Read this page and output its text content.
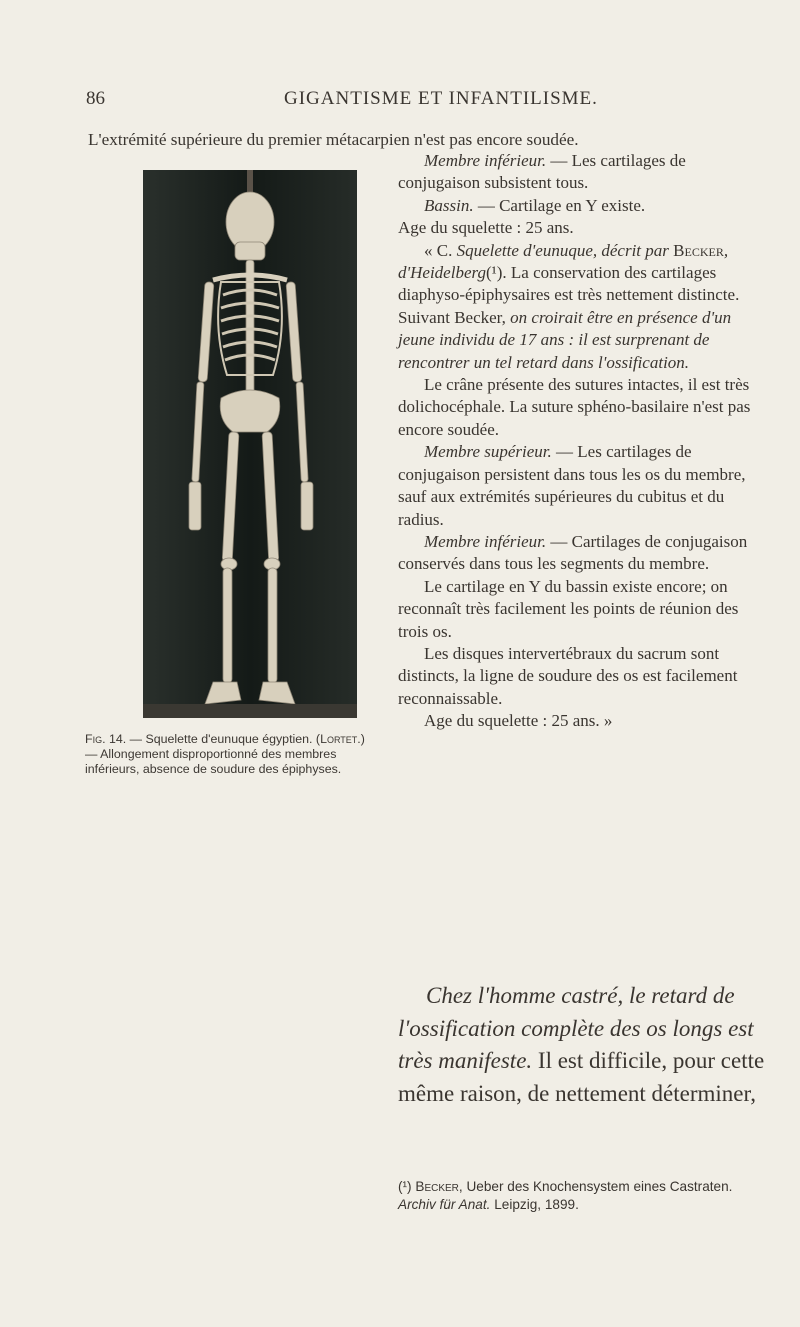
86	GIGANTISME ET INFANTILISME.
L'extrémité supérieure du premier métacarpien n'est pas encore soudée.

Fig. 14. — Squelette d'eunuque égyptien. (Lortet.) — Allongement disproportionné des membres inférieurs, absence de soudure des épiphyses.

Membre inférieur. — Les cartilages de conjugaison subsistent tous.

Bassin. — Cartilage en Y existe.

Age du squelette : 25 ans.

« C. Squelette d'eunuque, décrit par Becker, d'Heidelberg(¹). La conservation des cartilages diaphyso-épiphysaires est très nettement distincte. Suivant Becker, on croirait être en présence d'un jeune individu de 17 ans : il est surprenant de rencontrer un tel retard dans l'ossification.

Le crâne présente des sutures intactes, il est très dolichocéphale. La suture sphéno-basilaire n'est pas encore soudée.

Membre supérieur. — Les cartilages de conjugaison persistent dans tous les os du membre, sauf aux extrémités supérieures du cubitus et du radius.

Membre inférieur. — Cartilages de conjugaison conservés dans tous les segments du membre.

Le cartilage en Y du bassin existe encore; on reconnaît très facilement les points de réunion des trois os.

Les disques intervertébraux du sacrum sont distincts, la ligne de soudure des os est facilement reconnaissable.

Age du squelette : 25 ans. »

Chez l'homme castré, le retard de l'ossification complète des os longs est très manifeste. Il est difficile, pour cette même raison, de nettement déterminer,

(¹) Becker, Ueber des Knochensystem eines Castraten. Archiv für Anat. Leipzig, 1899.
